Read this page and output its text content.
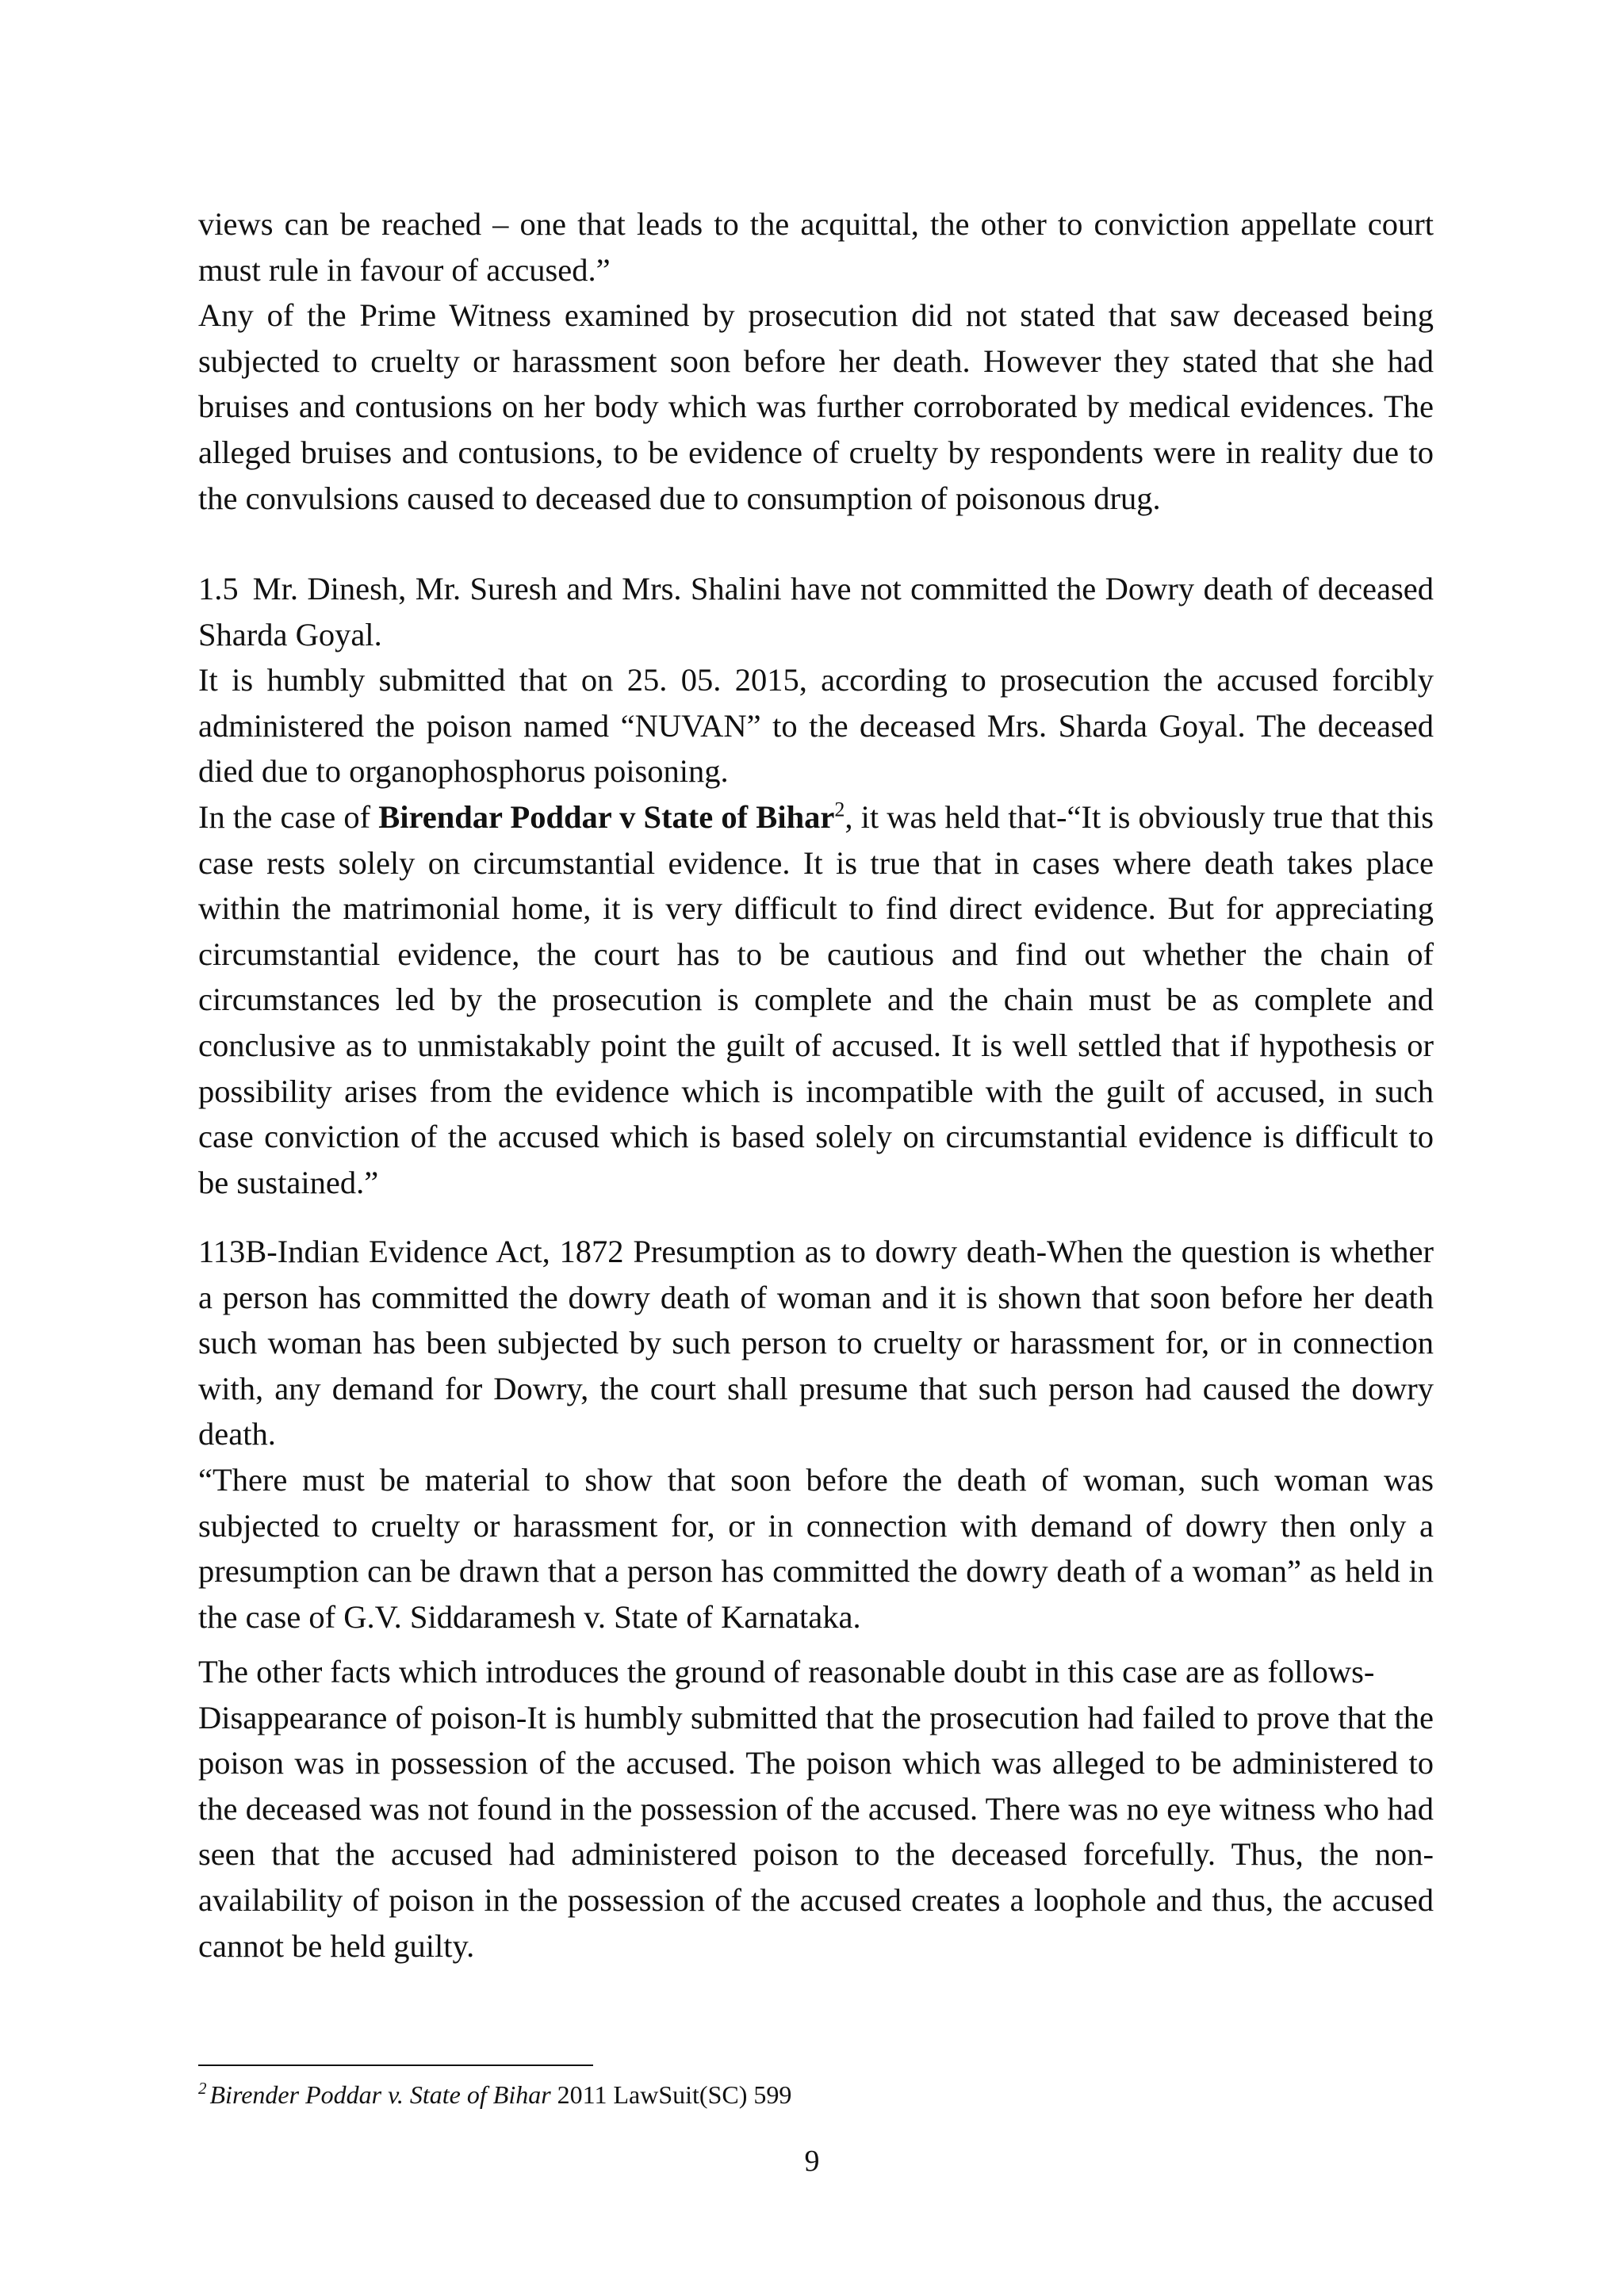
views can be reached – one that leads to the acquittal, the other to conviction appellate court must rule in favour of accused.”

Any of the Prime Witness examined by prosecution did not stated that saw deceased being subjected to cruelty or harassment soon before her death. However they stated that she had bruises and contusions on her body which was further corroborated by medical evidences. The alleged bruises and contusions, to be evidence of cruelty by respondents were in reality due to the convulsions caused to deceased due to consumption of poisonous drug.

1.5 Mr. Dinesh, Mr. Suresh and Mrs. Shalini have not committed the Dowry death of deceased Sharda Goyal.

It is humbly submitted that on 25. 05. 2015, according to prosecution the accused forcibly administered the poison named “NUVAN” to the deceased Mrs. Sharda Goyal. The deceased died due to organophosphorus poisoning.

In the case of Birendar Poddar v State of Bihar$^2$, it was held that-“It is obviously true that this case rests solely on circumstantial evidence. It is true that in cases where death takes place within the matrimonial home, it is very difficult to find direct evidence. But for appreciating circumstantial evidence, the court has to be cautious and find out whether the chain of circumstances led by the prosecution is complete and the chain must be as complete and conclusive as to unmistakably point the guilt of accused. It is well settled that if hypothesis or possibility arises from the evidence which is incompatible with the guilt of accused, in such case conviction of the accused which is based solely on circumstantial evidence is difficult to be sustained.”

113B-Indian Evidence Act, 1872 Presumption as to dowry death-When the question is whether a person has committed the dowry death of woman and it is shown that soon before her death such woman has been subjected by such person to cruelty or harassment for, or in connection with, any demand for Dowry, the court shall presume that such person had caused the dowry death.

“There must be material to show that soon before the death of woman, such woman was subjected to cruelty or harassment for, or in connection with demand of dowry then only a presumption can be drawn that a person has committed the dowry death of a woman” as held in the case of G.V. Siddaramesh v. State of Karnataka.

The other facts which introduces the ground of reasonable doubt in this case are as follows-

Disappearance of poison-It is humbly submitted that the prosecution had failed to prove that the poison was in possession of the accused. The poison which was alleged to be administered to the deceased was not found in the possession of the accused. There was no eye witness who had seen that the accused had administered poison to the deceased forcefully. Thus, the non-availability of poison in the possession of the accused creates a loophole and thus, the accused cannot be held guilty.

$^2$ Birender Poddar v. State of Bihar 2011 LawSuit(SC) 599
9
